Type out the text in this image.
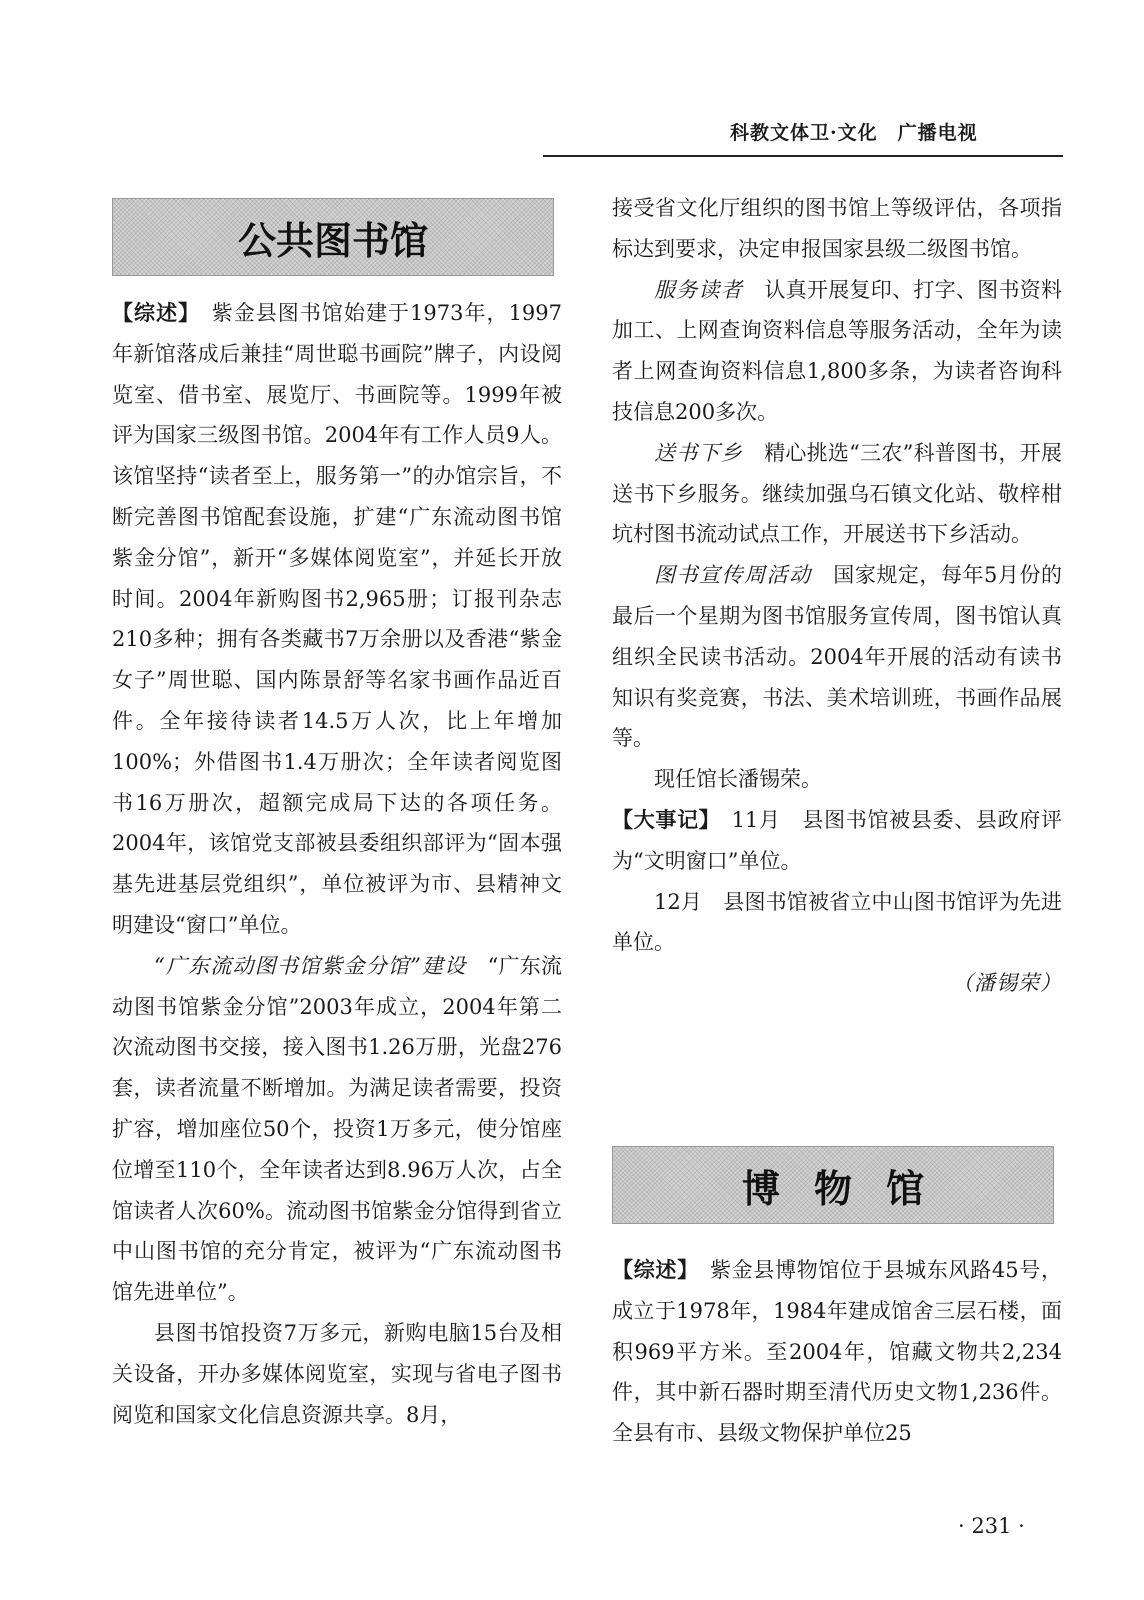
科教文体卫·文化　广播电视
公共图书馆

【综述】　紫金县图书馆始建于1973年，1997年新馆落成后兼挂“周世聪书画院”牌子，内设阅览室、借书室、展览厅、书画院等。1999年被评为国家三级图书馆。2004年有工作人员9人。该馆坚持“读者至上，服务第一”的办馆宗旨，不断完善图书馆配套设施，扩建“广东流动图书馆紫金分馆”，新开“多媒体阅览室”，并延长开放时间。2004年新购图书2,965册；订报刊杂志210多种；拥有各类藏书7万余册以及香港“紫金女子”周世聪、国内陈景舒等名家书画作品近百件。全年接待读者14.5万人次，比上年增加100%；外借图书1.4万册次；全年读者阅览图书16万册次，超额完成局下达的各项任务。2004年，该馆党支部被县委组织部评为“固本强基先进基层党组织”，单位被评为市、县精神文明建设“窗口”单位。

“广东流动图书馆紫金分馆”建设　“广东流动图书馆紫金分馆”2003年成立，2004年第二次流动图书交接，接入图书1.26万册，光盘276套，读者流量不断增加。为满足读者需要，投资扩容，增加座位50个，投资1万多元，使分馆座位增至110个，全年读者达到8.96万人次，占全馆读者人次60%。流动图书馆紫金分馆得到省立中山图书馆的充分肯定，被评为“广东流动图书馆先进单位”。

县图书馆投资7万多元，新购电脑15台及相关设备，开办多媒体阅览室，实现与省电子图书阅览和国家文化信息资源共享。8月，

接受省文化厅组织的图书馆上等级评估，各项指标达到要求，决定申报国家县级二级图书馆。

服务读者　认真开展复印、打字、图书资料加工、上网查询资料信息等服务活动，全年为读者上网查询资料信息1,800多条，为读者咨询科技信息200多次。

送书下乡　精心挑选“三农”科普图书，开展送书下乡服务。继续加强乌石镇文化站、敬梓柑坑村图书流动试点工作，开展送书下乡活动。

图书宣传周活动　国家规定，每年5月份的最后一个星期为图书馆服务宣传周，图书馆认真组织全民读书活动。2004年开展的活动有读书知识有奖竞赛，书法、美术培训班，书画作品展等。

现任馆长潘锡荣。

【大事记】　11月　县图书馆被县委、县政府评为“文明窗口”单位。

12月　县图书馆被省立中山图书馆评为先进单位。

（潘锡荣）

博物馆

【综述】　紫金县博物馆位于县城东风路45号，成立于1978年，1984年建成馆舍三层石楼，面积969平方米。至2004年，馆藏文物共2,234件，其中新石器时期至清代历史文物1,236件。全县有市、县级文物保护单位25

· 231 ·
